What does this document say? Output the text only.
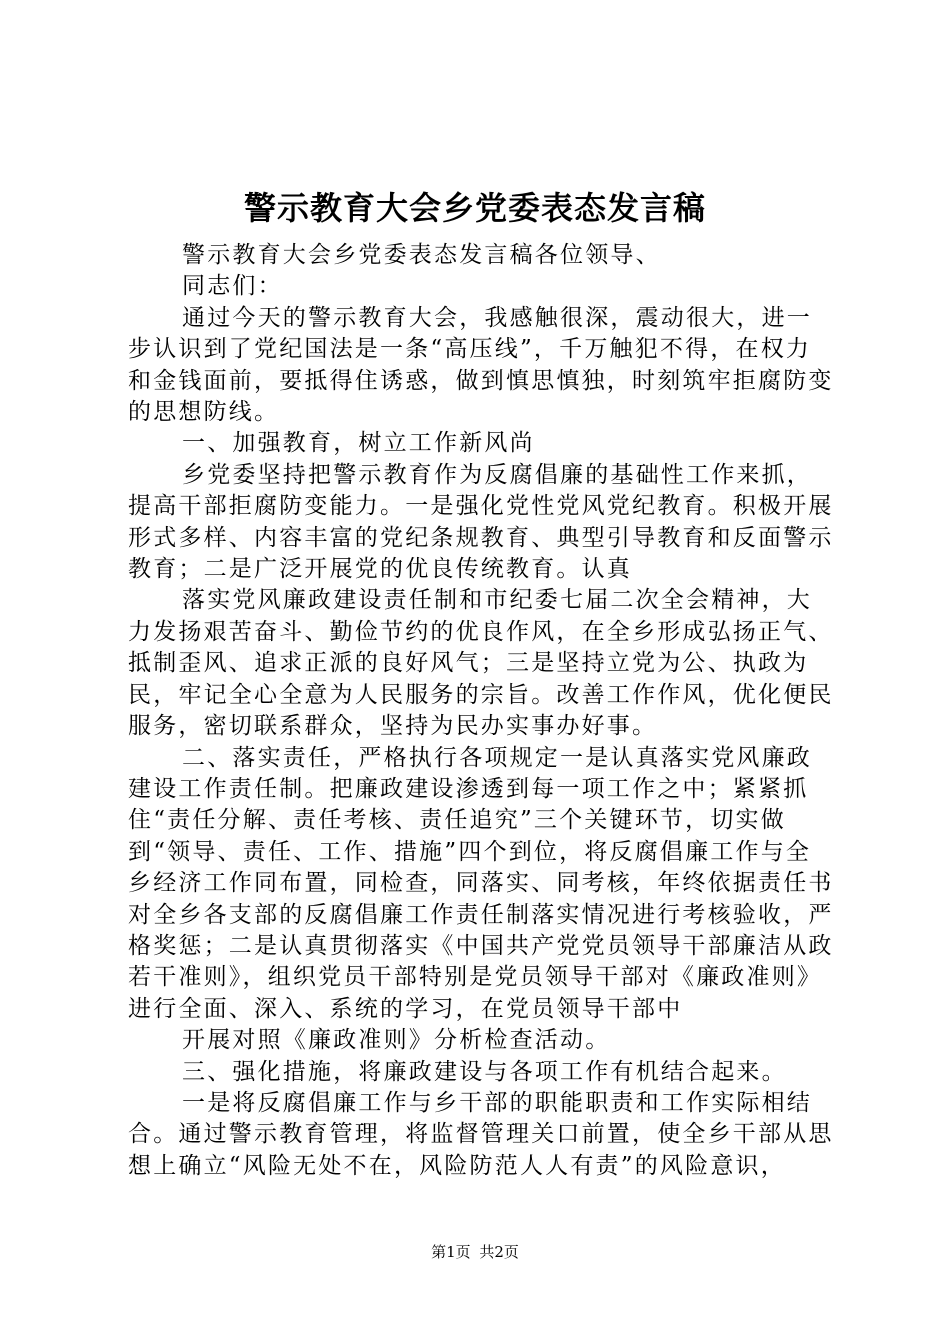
警示教育大会乡党委表态发言稿

警示教育大会乡党委表态发言稿各位领导、

同志们：

通过今天的警示教育大会，我感触很深，震动很大，进一步认识到了党纪国法是一条“高压线”，千万触犯不得，在权力和金钱面前，要抵得住诱惑，做到慎思慎独，时刻筑牢拒腐防变的思想防线。

一、加强教育，树立工作新风尚

乡党委坚持把警示教育作为反腐倡廉的基础性工作来抓，提高干部拒腐防变能力。一是强化党性党风党纪教育。积极开展形式多样、内容丰富的党纪条规教育、典型引导教育和反面警示教育；二是广泛开展党的优良传统教育。认真

落实党风廉政建设责任制和市纪委七届二次全会精神，大力发扬艰苦奋斗、勤俭节约的优良作风，在全乡形成弘扬正气、抵制歪风、追求正派的良好风气；三是坚持立党为公、执政为民，牢记全心全意为人民服务的宗旨。改善工作作风，优化便民服务，密切联系群众，坚持为民办实事办好事。

二、落实责任，严格执行各项规定一是认真落实党风廉政建设工作责任制。把廉政建设渗透到每一项工作之中；紧紧抓住“责任分解、责任考核、责任追究”三个关键环节，切实做到“领导、责任、工作、措施”四个到位，将反腐倡廉工作与全乡经济工作同布置，同检查，同落实、同考核，年终依据责任书对全乡各支部的反腐倡廉工作责任制落实情况进行考核验收，严格奖惩；二是认真贯彻落实《中国共产党党员领导干部廉洁从政若干准则》，组织党员干部特别是党员领导干部对《廉政准则》进行全面、深入、系统的学习，在党员领导干部中

开展对照《廉政准则》分析检查活动。

三、强化措施，将廉政建设与各项工作有机结合起来。

一是将反腐倡廉工作与乡干部的职能职责和工作实际相结合。通过警示教育管理，将监督管理关口前置，使全乡干部从思想上确立“风险无处不在，风险防范人人有责”的风险意识，

第1页 共2页
